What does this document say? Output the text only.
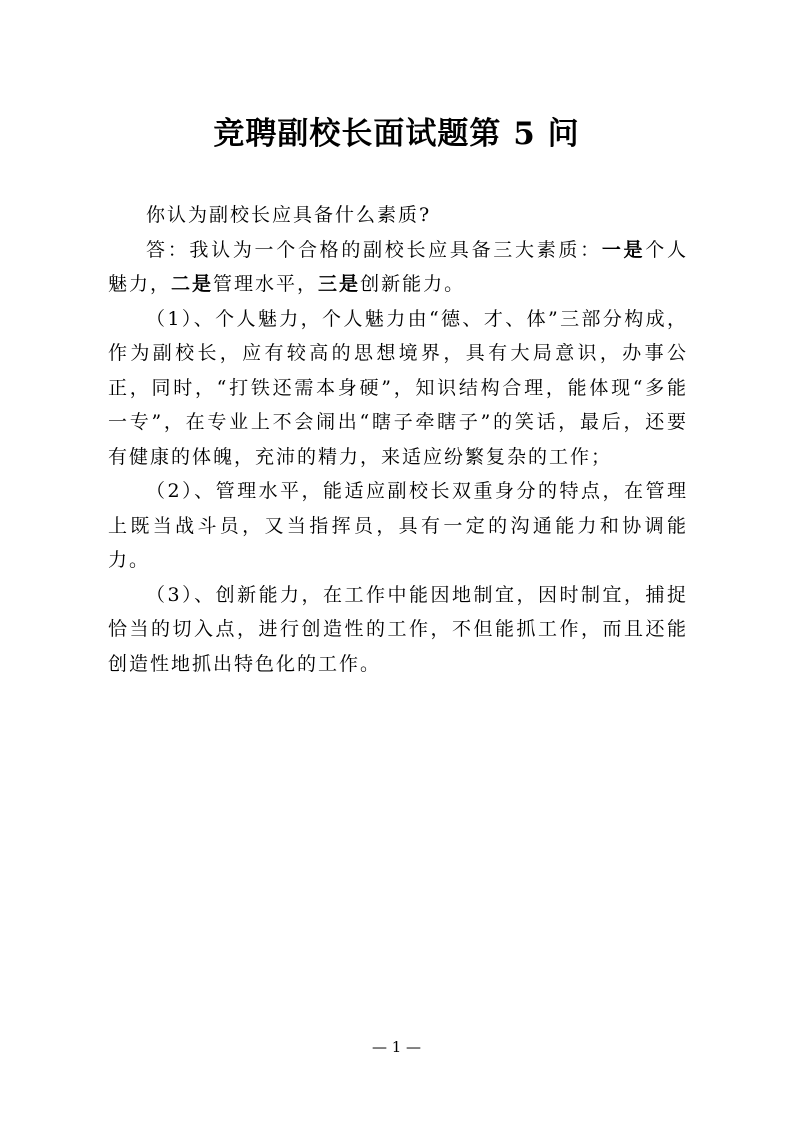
竞聘副校长面试题第 5 问

你认为副校长应具备什么素质?

答：我认为一个合格的副校长应具备三大素质：一是个人魅力，二是管理水平，三是创新能力。

（1）、个人魅力，个人魅力由“德、才、体”三部分构成，作为副校长，应有较高的思想境界，具有大局意识，办事公正，同时，“打铁还需本身硬”，知识结构合理，能体现“多能一专”，在专业上不会闹出“瞎子牵瞎子”的笑话，最后，还要有健康的体魄，充沛的精力，来适应纷繁复杂的工作；

（2）、管理水平，能适应副校长双重身分的特点，在管理上既当战斗员，又当指挥员，具有一定的沟通能力和协调能力。

（3）、创新能力，在工作中能因地制宜，因时制宜，捕捉恰当的切入点，进行创造性的工作，不但能抓工作，而且还能创造性地抓出特色化的工作。

— 1 —
